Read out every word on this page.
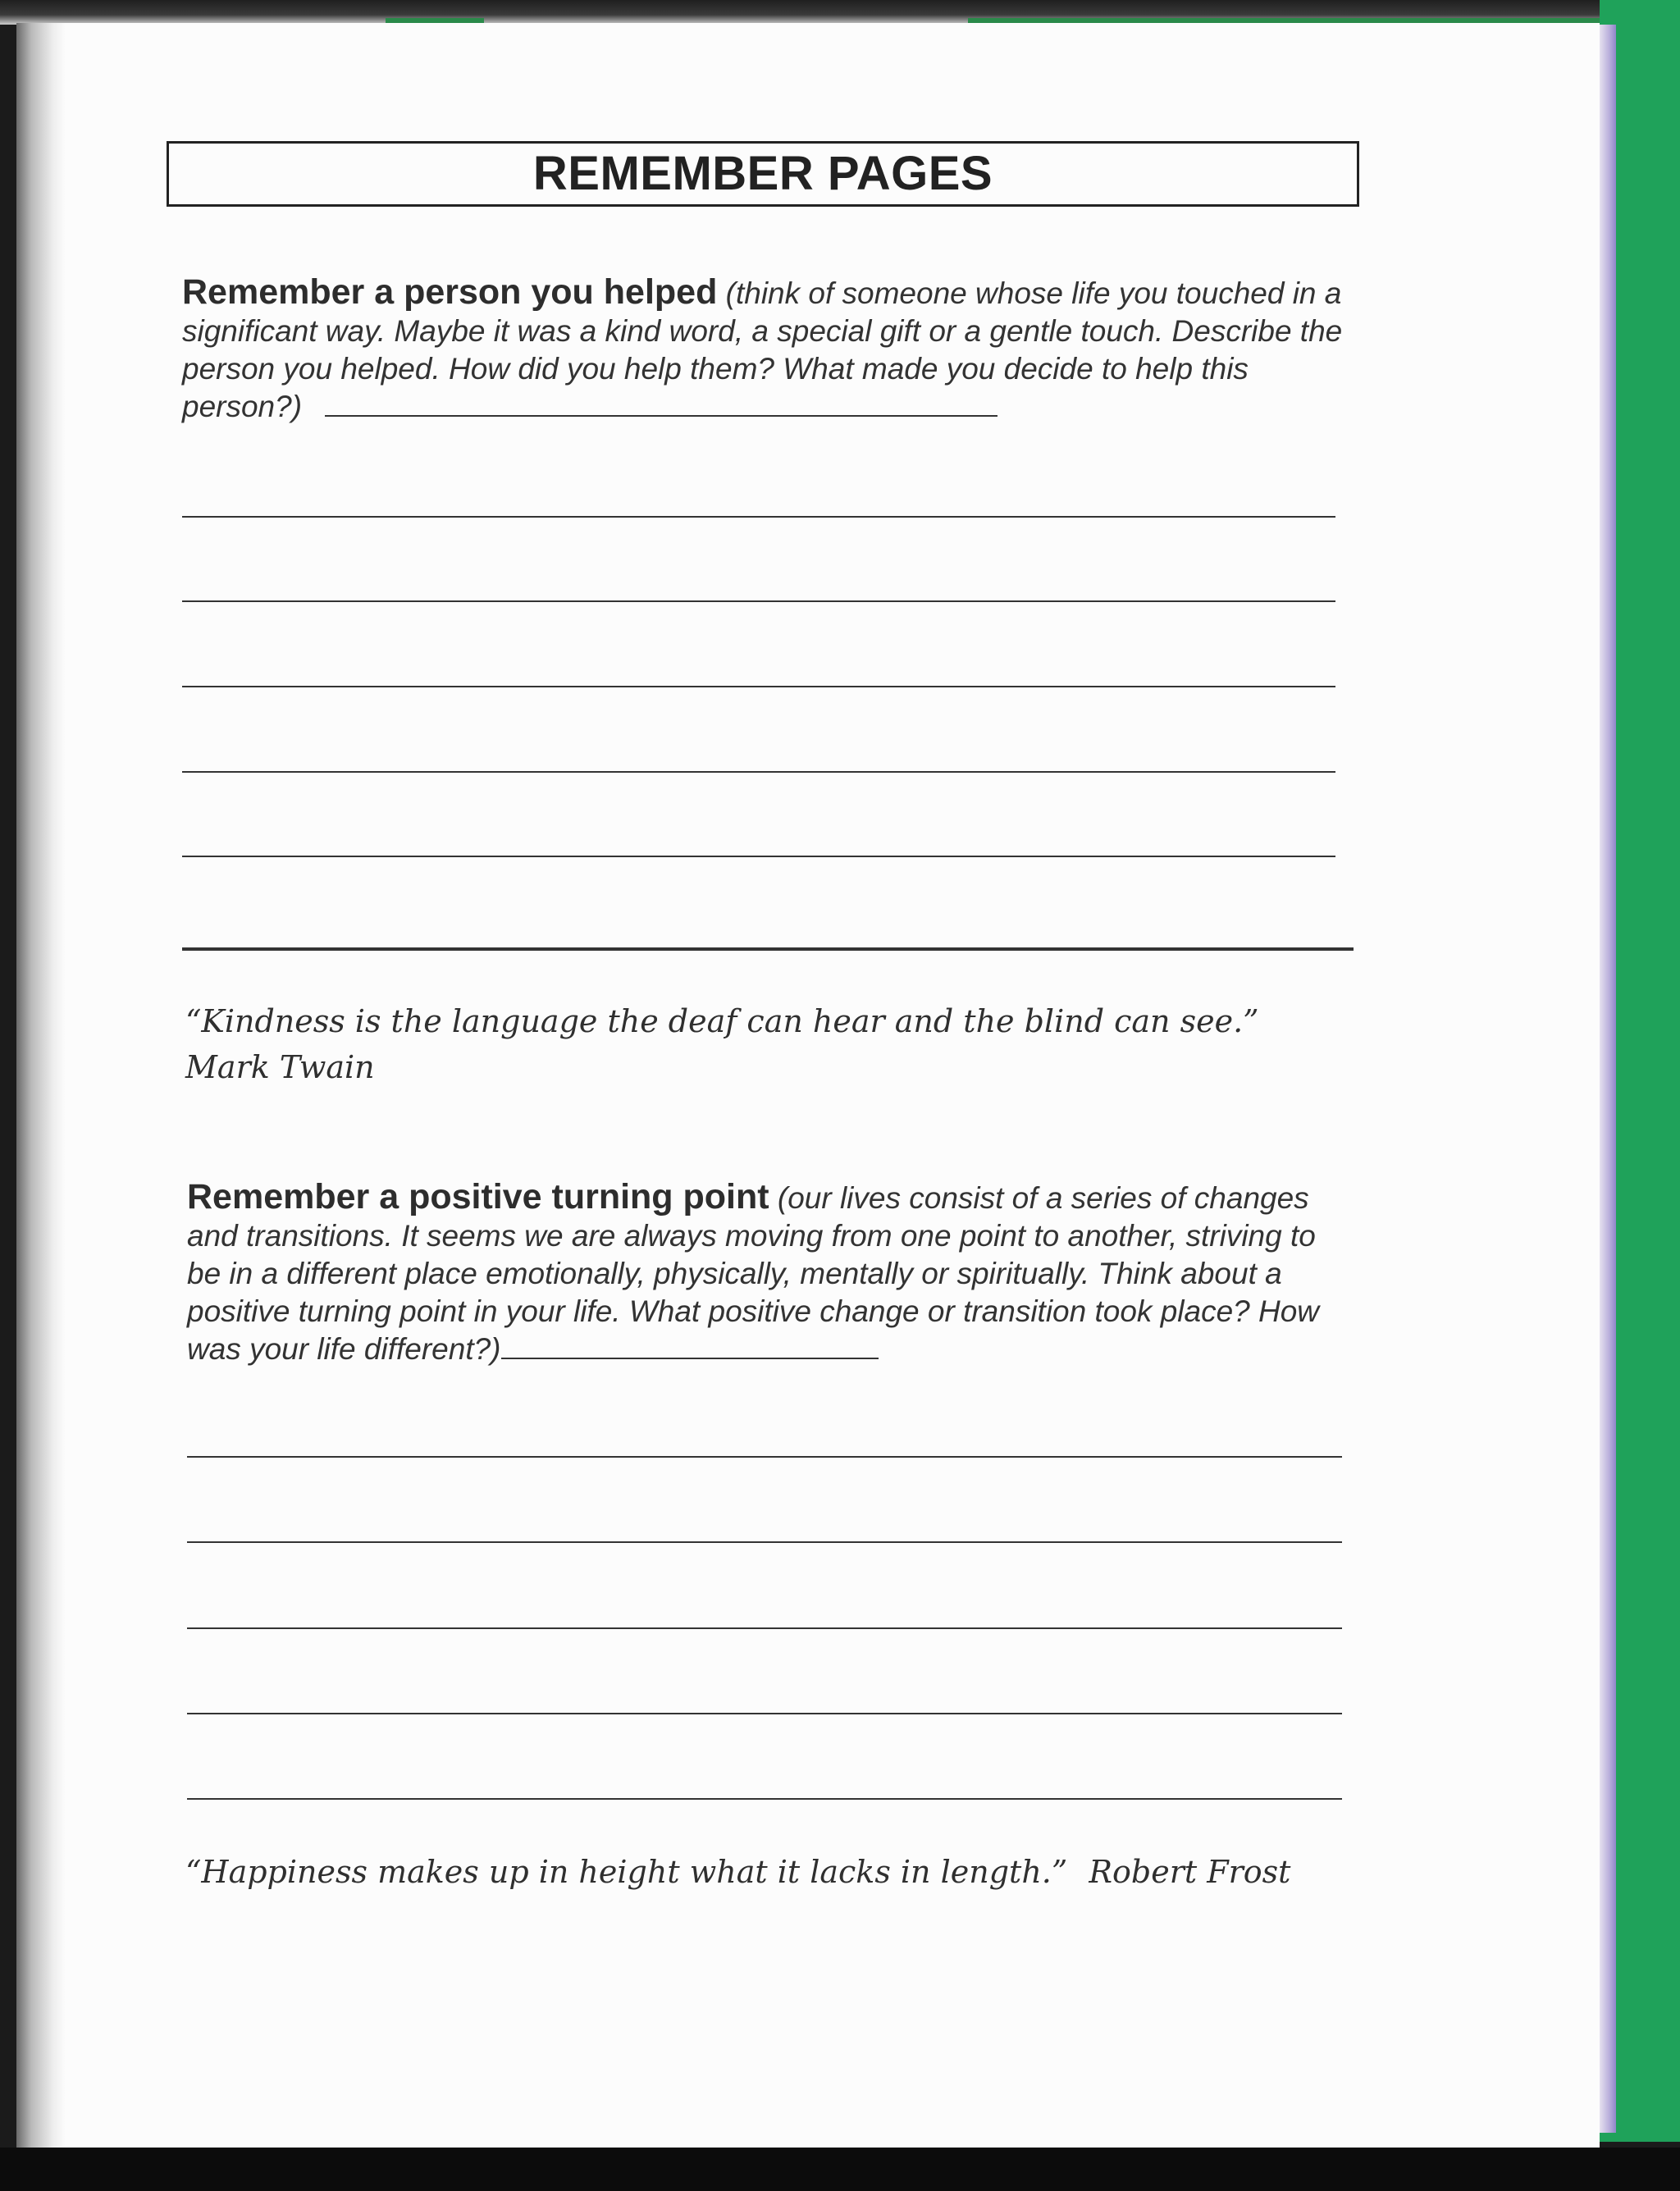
REMEMBER PAGES
Remember a person you helped (think of someone whose life you touched in a significant way. Maybe it was a kind word, a special gift or a gentle touch. Describe the person you helped. How did you help them? What made you decide to help this person?)
“Kindness is the language the deaf can hear and the blind can see.”
Mark Twain
Remember a positive turning point (our lives consist of a series of changes and transitions. It seems we are always moving from one point to another, striving to be in a different place emotionally, physically, mentally or spiritually. Think about a positive turning point in your life. What positive change or transition took place? How was your life different?)
“Happiness makes up in height what it lacks in length.” Robert Frost
